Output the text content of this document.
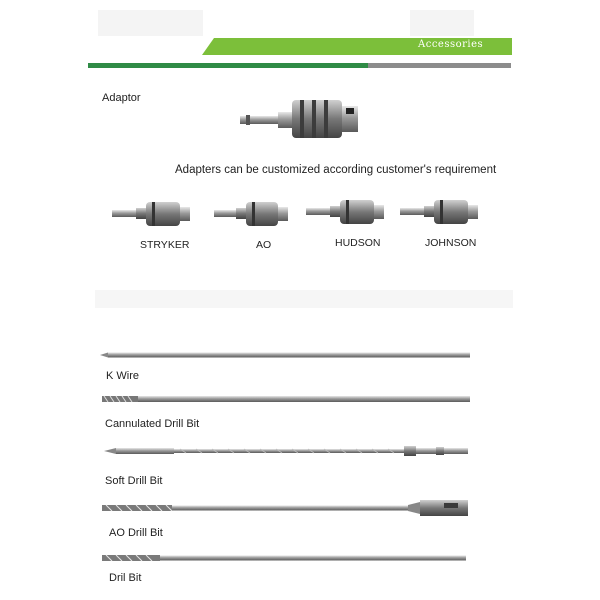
Accessories
Adaptor
Adapters can be customized according customer's requirement
STRYKER	AO	HUDSON	JOHNSON
K Wire
Cannulated Drill Bit
Soft Drill Bit
AO Drill Bit
Dril Bit
